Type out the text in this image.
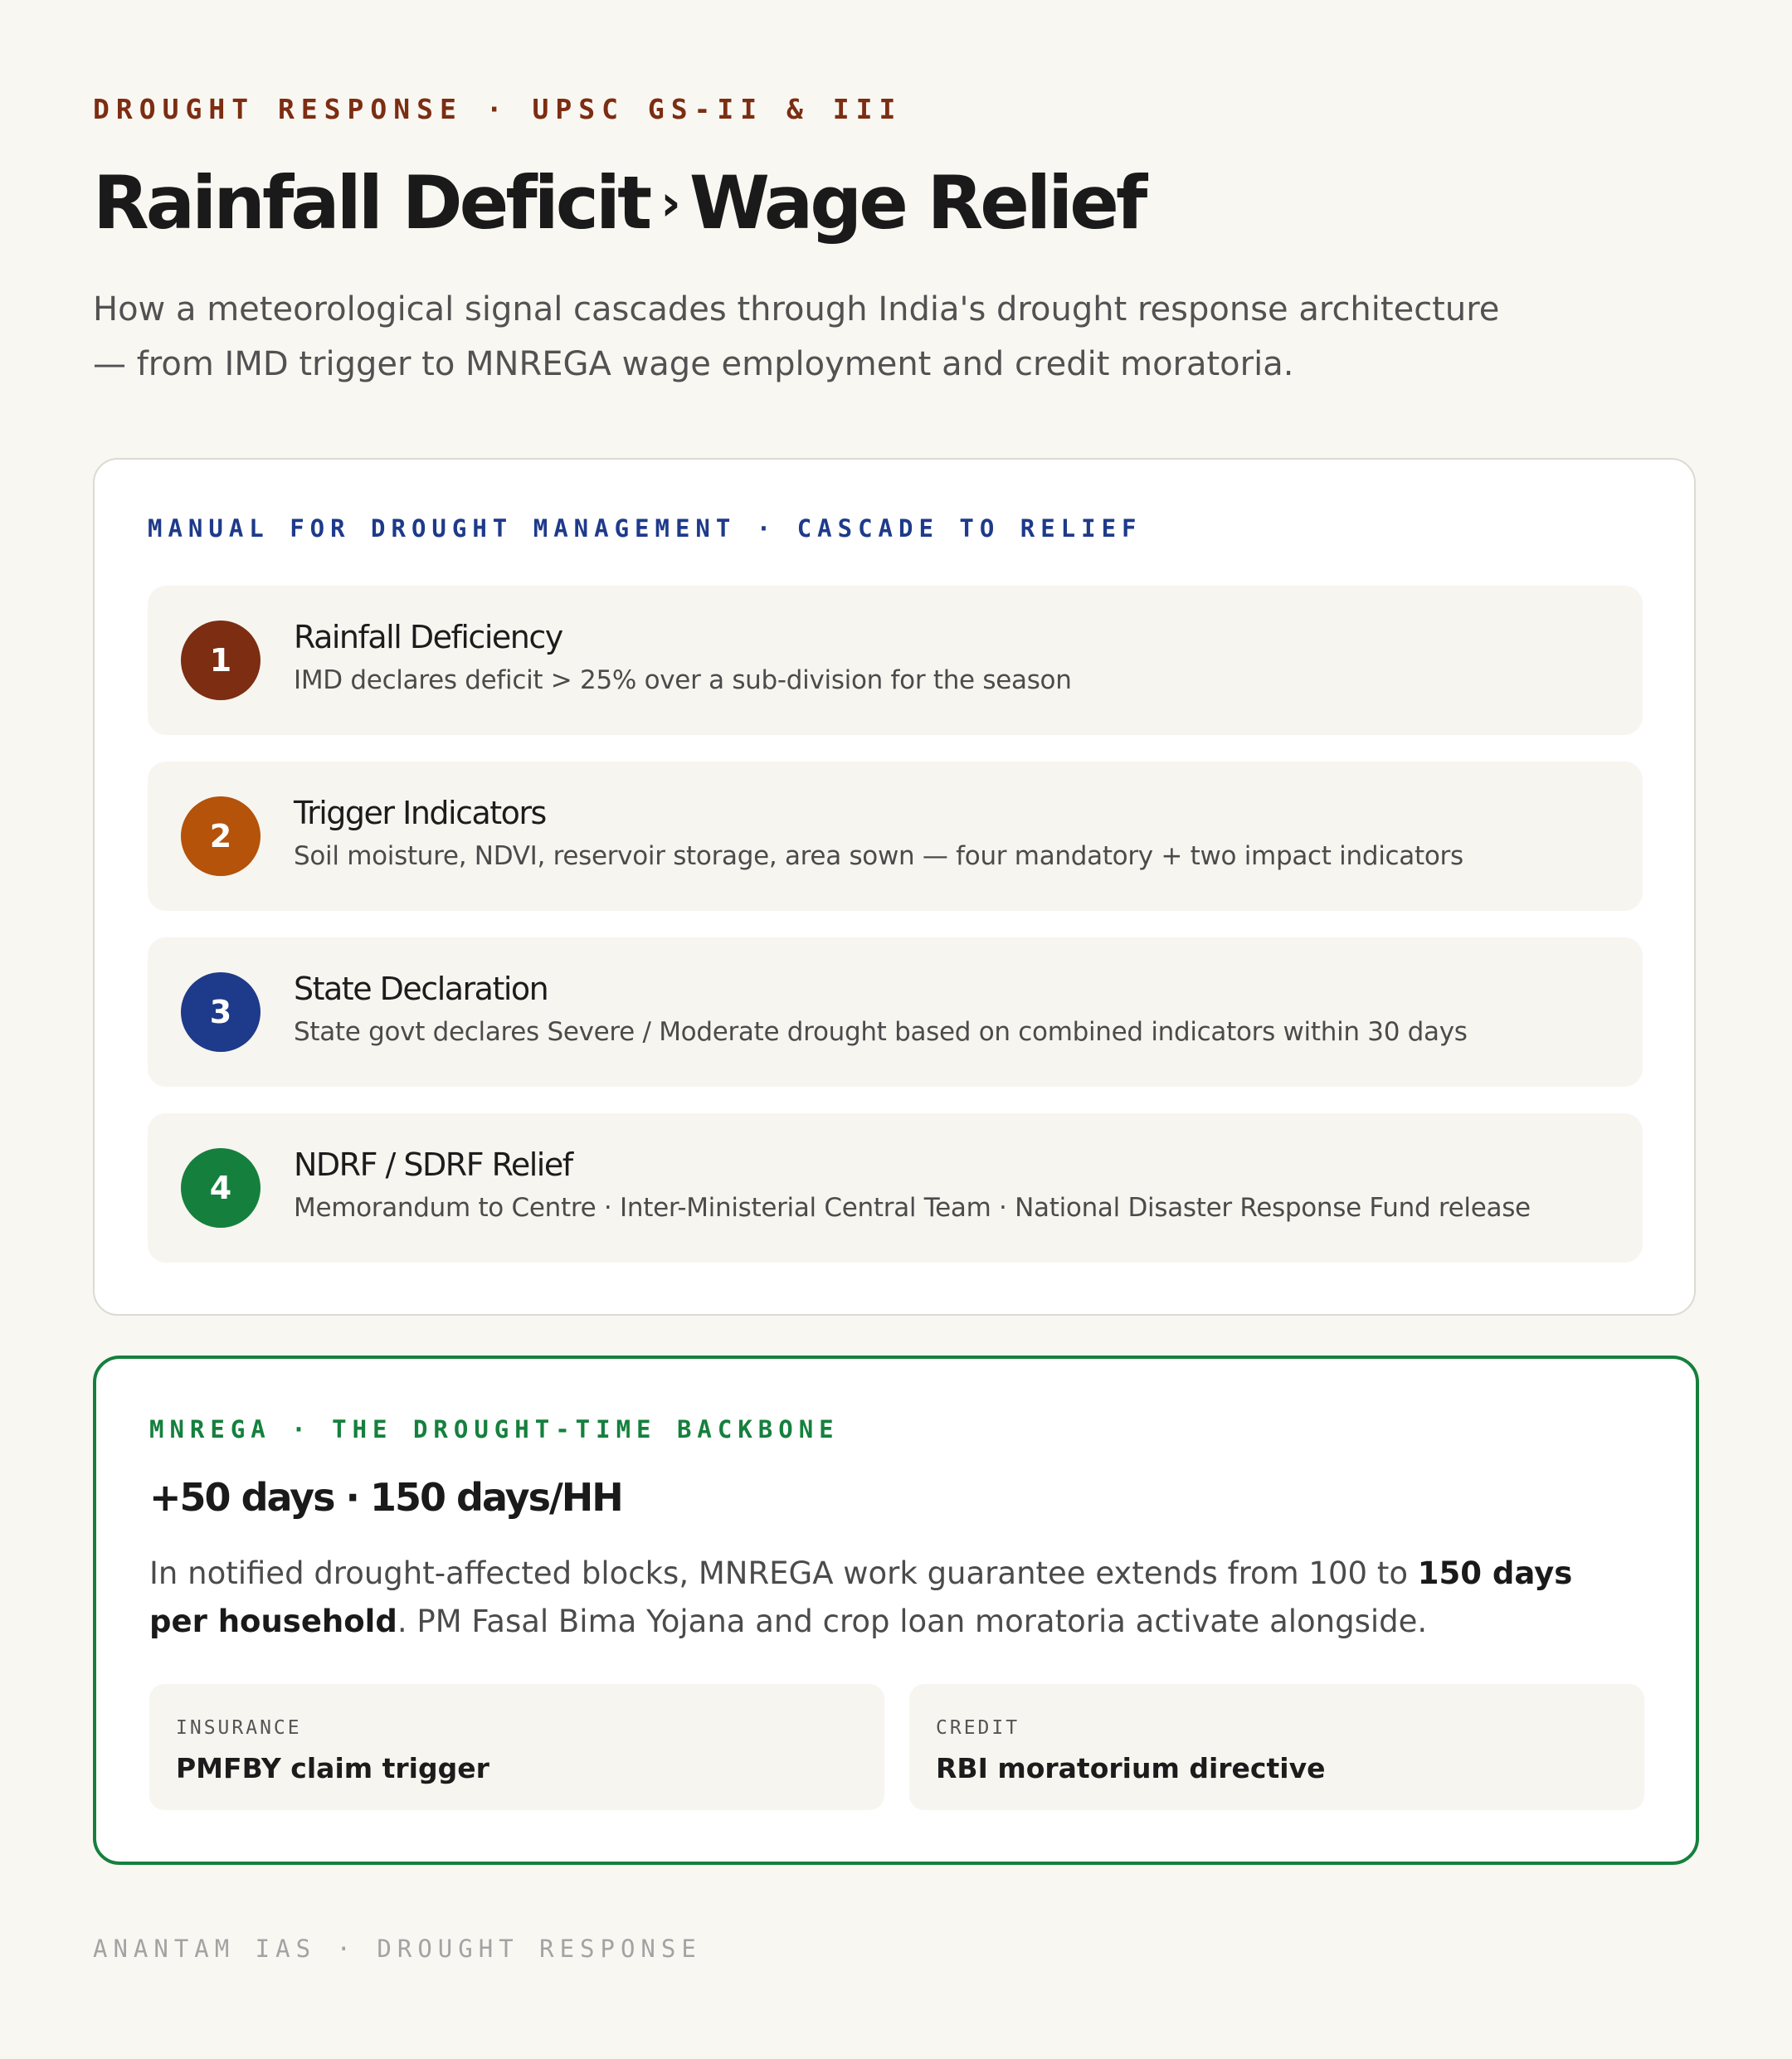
DROUGHT RESPONSE · UPSC GS-II & III
Rainfall Deficit › Wage Relief
How a meteorological signal cascades through India's drought response architecture — from IMD trigger to MNREGA wage employment and credit moratoria.
MANUAL FOR DROUGHT MANAGEMENT · CASCADE TO RELIEF
1
Rainfall Deficiency
IMD declares deficit > 25% over a sub-division for the season
2
Trigger Indicators
Soil moisture, NDVI, reservoir storage, area sown — four mandatory + two impact indicators
3
State Declaration
State govt declares Severe / Moderate drought based on combined indicators within 30 days
4
NDRF / SDRF Relief
Memorandum to Centre · Inter-Ministerial Central Team · National Disaster Response Fund release
MNREGA · THE DROUGHT-TIME BACKBONE
+50 days · 150 days/HH
In notified drought-affected blocks, MNREGA work guarantee extends from 100 to 150 days per household. PM Fasal Bima Yojana and crop loan moratoria activate alongside.
INSURANCE
PMFBY claim trigger
CREDIT
RBI moratorium directive
ANANTAM IAS · DROUGHT RESPONSE
